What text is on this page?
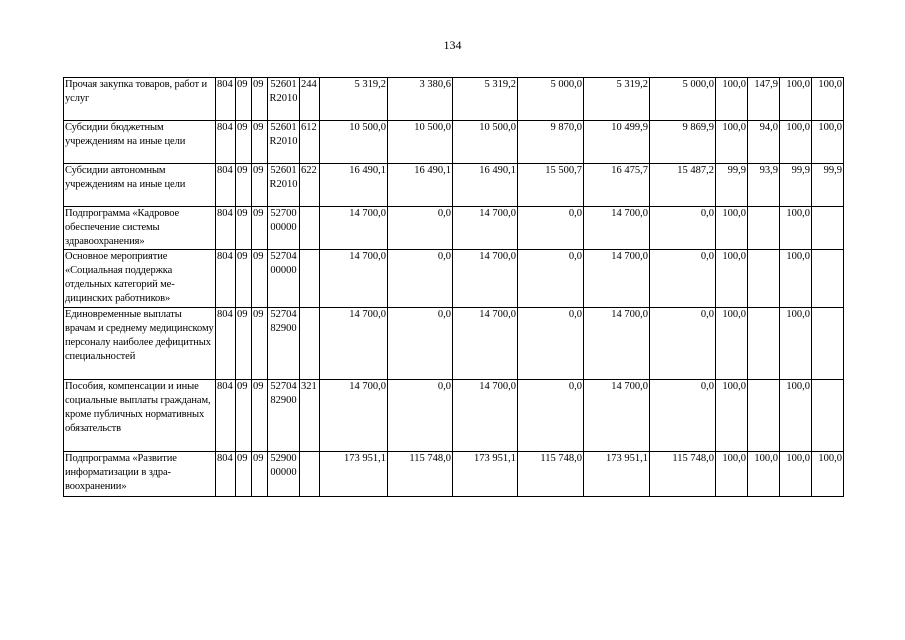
134
Прочая закупка товаров, работ и услуг	804	09	09	52601R2010	244	5 319,2	3 380,6	5 319,2	5 000,0	5 319,2	5 000,0	100,0	147,9	100,0	100,0
Субсидии бюджетным учреждениям на иные цели	804	09	09	52601R2010	612	10 500,0	10 500,0	10 500,0	9 870,0	10 499,9	9 869,9	100,0	94,0	100,0	100,0
Субсидии автономным учреждениям на иные цели	804	09	09	52601R2010	622	16 490,1	16 490,1	16 490,1	15 500,7	16 475,7	15 487,2	99,9	93,9	99,9	99,9
Подпрограмма «Кадровое обеспечение системы здравоохранения»	804	09	09	5270000000		14 700,0	0,0	14 700,0	0,0	14 700,0	0,0	100,0		100,0	
Основное мероприятие «Социальная поддержка отдельных категорий медицинских работников»	804	09	09	5270400000		14 700,0	0,0	14 700,0	0,0	14 700,0	0,0	100,0		100,0	
Единовременные выплаты врачам и среднему медицинскому персоналу наиболее дефицитных специальностей	804	09	09	5270482900		14 700,0	0,0	14 700,0	0,0	14 700,0	0,0	100,0		100,0	
Пособия, компенсации и иные социальные выплаты гражданам, кроме публичных нормативных обязательств	804	09	09	5270482900	321	14 700,0	0,0	14 700,0	0,0	14 700,0	0,0	100,0		100,0	
Подпрограмма «Развитие информатизации в здравоохранении»	804	09	09	5290000000		173 951,1	115 748,0	173 951,1	115 748,0	173 951,1	115 748,0	100,0	100,0	100,0	100,0
